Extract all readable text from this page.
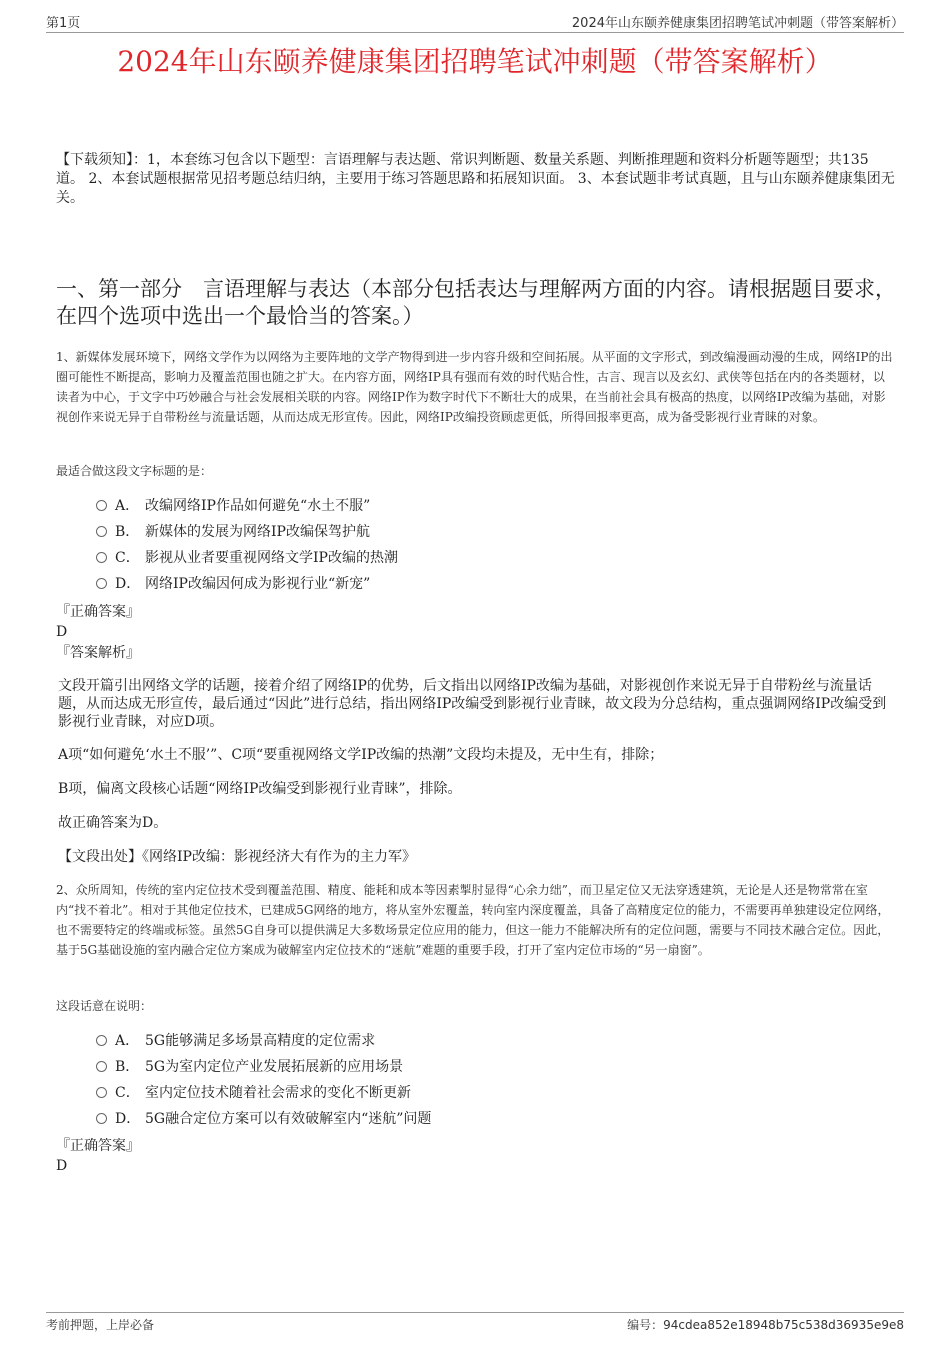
第1页	2024年山东颐养健康集团招聘笔试冲刺题（带答案解析）
2024年山东颐养健康集团招聘笔试冲刺题（带答案解析）
【下载须知】：1，本套练习包含以下题型：言语理解与表达题、常识判断题、数量关系题、判断推理题和资料分析题等题型；共135道。 2、本套试题根据常见招考题总结归纳，主要用于练习答题思路和拓展知识面。 3、本套试题非考试真题，且与山东颐养健康集团无关。
一、第一部分　言语理解与表达（本部分包括表达与理解两方面的内容。请根据题目要求，在四个选项中选出一个最恰当的答案。）
1、新媒体发展环境下，网络文学作为以网络为主要阵地的文学产物得到进一步内容升级和空间拓展。从平面的文字形式，到改编漫画动漫的生成，网络IP的出圈可能性不断提高，影响力及覆盖范围也随之扩大。在内容方面，网络IP具有强而有效的时代贴合性，古言、现言以及玄幻、武侠等包括在内的各类题材，以读者为中心，于文字中巧妙融合与社会发展相关联的内容。网络IP作为数字时代下不断壮大的成果，在当前社会具有极高的热度，以网络IP改编为基础，对影视创作来说无异于自带粉丝与流量话题，从而达成无形宣传。因此，网络IP改编投资顾虑更低，所得回报率更高，成为备受影视行业青睐的对象。
最适合做这段文字标题的是：
A． 改编网络IP作品如何避免“水土不服”
B． 新媒体的发展为网络IP改编保驾护航
C． 影视从业者要重视网络文学IP改编的热潮
D． 网络IP改编因何成为影视行业“新宠”
『正确答案』
D
『答案解析』
文段开篇引出网络文学的话题，接着介绍了网络IP的优势，后文指出以网络IP改编为基础，对影视创作来说无异于自带粉丝与流量话题，从而达成无形宣传，最后通过“因此”进行总结，指出网络IP改编受到影视行业青睐，故文段为分总结构，重点强调网络IP改编受到影视行业青睐，对应D项。
A项“如何避免‘水土不服’”、C项“要重视网络文学IP改编的热潮”文段均未提及，无中生有，排除；
B项，偏离文段核心话题“网络IP改编受到影视行业青睐”，排除。
故正确答案为D。
【文段出处】《网络IP改编：影视经济大有作为的主力军》
2、众所周知，传统的室内定位技术受到覆盖范围、精度、能耗和成本等因素掣肘显得“心余力绌”，而卫星定位又无法穿透建筑，无论是人还是物常常在室内“找不着北”。相对于其他定位技术，已建成5G网络的地方，将从室外宏覆盖，转向室内深度覆盖，具备了高精度定位的能力，不需要再单独建设定位网络，也不需要特定的终端或标签。虽然5G自身可以提供满足大多数场景定位应用的能力，但这一能力不能解决所有的定位问题，需要与不同技术融合定位。因此，基于5G基础设施的室内融合定位方案成为破解室内定位技术的“迷航”难题的重要手段，打开了室内定位市场的“另一扇窗”。
这段话意在说明：
A． 5G能够满足多场景高精度的定位需求
B． 5G为室内定位产业发展拓展新的应用场景
C． 室内定位技术随着社会需求的变化不断更新
D． 5G融合定位方案可以有效破解室内“迷航”问题
『正确答案』
D
考前押题，上岸必备	编号：94cdea852e18948b75c538d36935e9e8
